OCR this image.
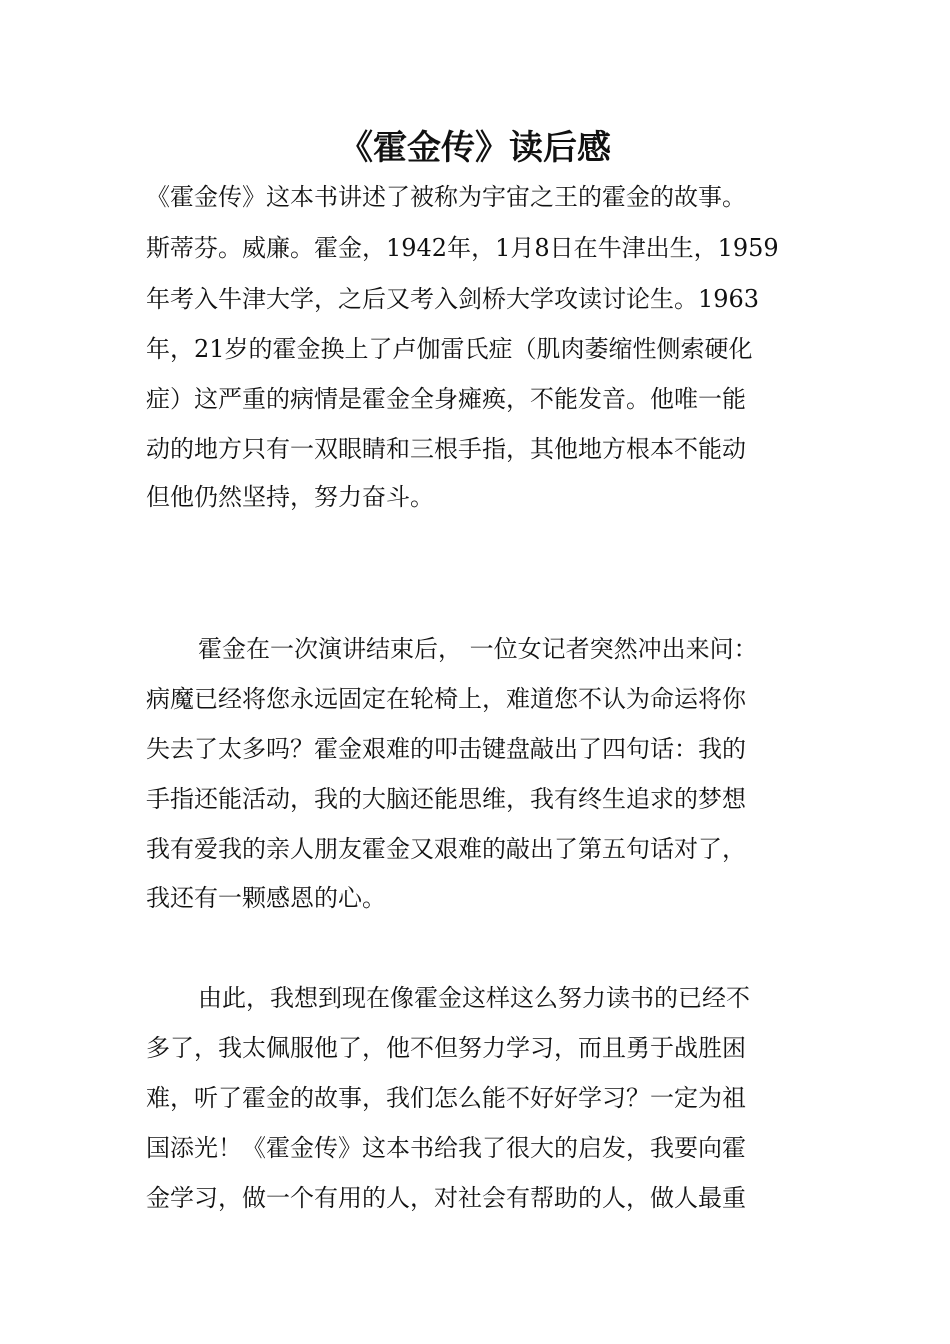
《霍金传》读后感

《霍金传》这本书讲述了被称为宇宙之王的霍金的故事。

斯蒂芬。威廉。霍金，1942年，1月8日在牛津出生，1959

年考入牛津大学，之后又考入剑桥大学攻读讨论生。1963

年，21岁的霍金换上了卢伽雷氏症（肌肉萎缩性侧索硬化

症）这严重的病情是霍金全身瘫痪，不能发音。他唯一能

动的地方只有一双眼睛和三根手指，其他地方根本不能动

但他仍然坚持，努力奋斗。

霍金在一次演讲结束后， 一位女记者突然冲出来问：

病魔已经将您永远固定在轮椅上，难道您不认为命运将你

失去了太多吗？霍金艰难的叩击键盘敲出了四句话：我的

手指还能活动，我的大脑还能思维，我有终生追求的梦想

我有爱我的亲人朋友霍金又艰难的敲出了第五句话对了，

我还有一颗感恩的心。

由此，我想到现在像霍金这样这么努力读书的已经不

多了，我太佩服他了，他不但努力学习，而且勇于战胜困

难，听了霍金的故事，我们怎么能不好好学习？一定为祖

国添光！《霍金传》这本书给我了很大的启发，我要向霍

金学习，做一个有用的人，对社会有帮助的人，做人最重
